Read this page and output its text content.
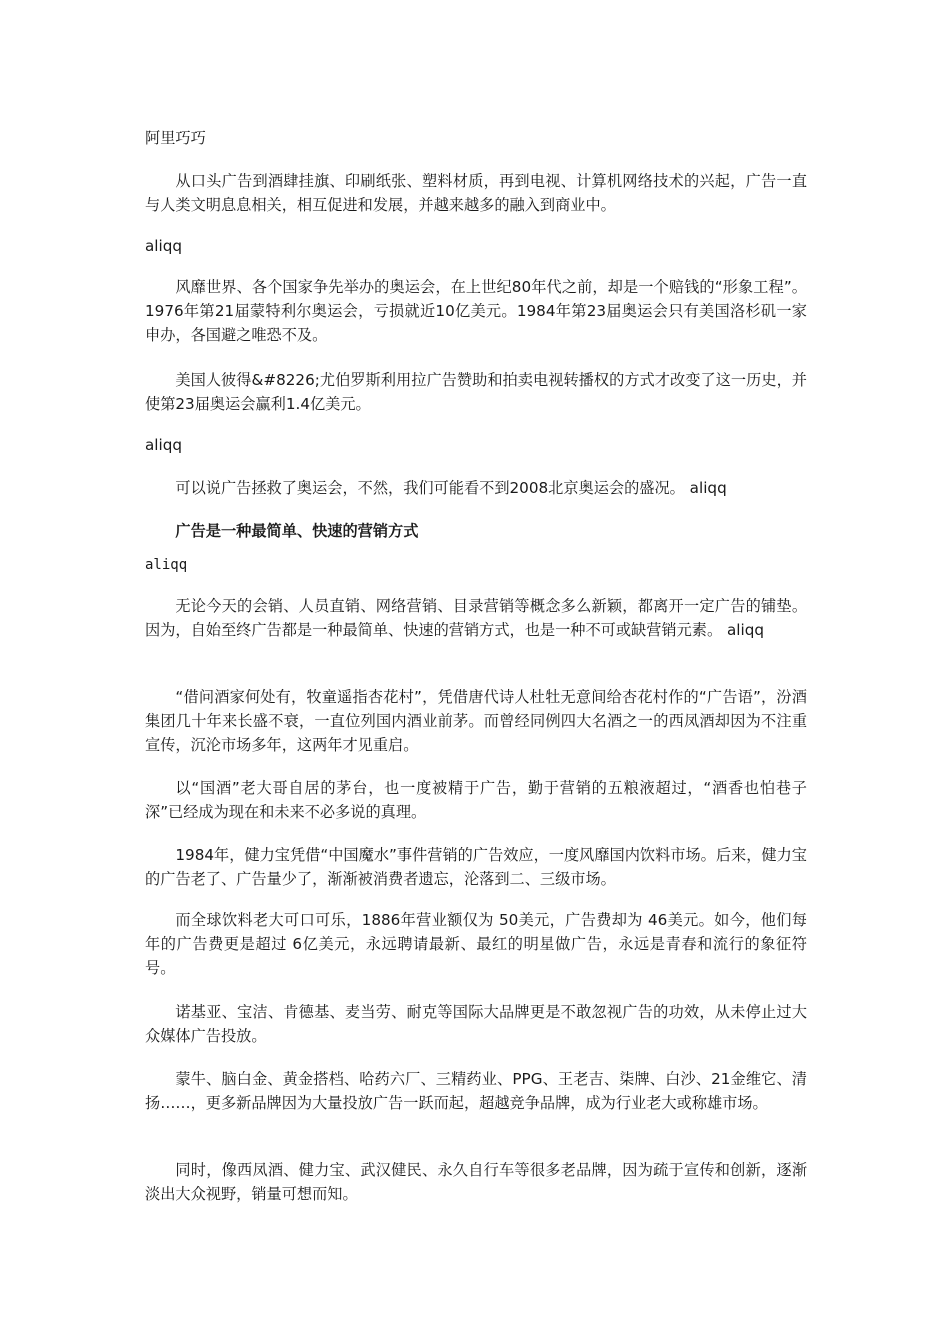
阿里巧巧

从口头广告到酒肆挂旗、印刷纸张、塑料材质，再到电视、计算机网络技术的兴起，广告一直与人类文明息息相关，相互促进和发展，并越来越多的融入到商业中。

aliqq

风靡世界、各个国家争先举办的奥运会，在上世纪80年代之前，却是一个赔钱的“形象工程”。1976年第21届蒙特利尔奥运会，亏损就近10亿美元。1984年第23届奥运会只有美国洛杉矶一家申办，各国避之唯恐不及。

美国人彼得&#8226;尤伯罗斯利用拉广告赞助和拍卖电视转播权的方式才改变了这一历史，并使第23届奥运会赢利1.4亿美元。

aliqq

可以说广告拯救了奥运会，不然，我们可能看不到2008北京奥运会的盛况。 aliqq

广告是一种最简单、快速的营销方式

aliqq

无论今天的会销、人员直销、网络营销、目录营销等概念多么新颖，都离开一定广告的铺垫。因为，自始至终广告都是一种最简单、快速的营销方式，也是一种不可或缺营销元素。 aliqq

“借问酒家何处有，牧童遥指杏花村”，凭借唐代诗人杜牡无意间给杏花村作的“广告语”，汾酒集团几十年来长盛不衰，一直位列国内酒业前茅。而曾经同例四大名酒之一的西凤酒却因为不注重宣传，沉沦市场多年，这两年才见重启。

以“国酒”老大哥自居的茅台，也一度被精于广告，勤于营销的五粮液超过，“酒香也怕巷子深”已经成为现在和未来不必多说的真理。

1984年，健力宝凭借“中国魔水”事件营销的广告效应，一度风靡国内饮料市场。后来，健力宝的广告老了、广告量少了，渐渐被消费者遗忘，沦落到二、三级市场。

而全球饮料老大可口可乐，1886年营业额仅为 50美元，广告费却为 46美元。如今，他们每年的广告费更是超过 6亿美元，永远聘请最新、最红的明星做广告，永远是青春和流行的象征符号。

诺基亚、宝洁、肯德基、麦当劳、耐克等国际大品牌更是不敢忽视广告的功效，从未停止过大众媒体广告投放。

蒙牛、脑白金、黄金搭档、哈药六厂、三精药业、PPG、王老吉、柒牌、白沙、21金维它、清扬……，更多新品牌因为大量投放广告一跃而起，超越竞争品牌，成为行业老大或称雄市场。

同时，像西凤酒、健力宝、武汉健民、永久自行车等很多老品牌，因为疏于宣传和创新，逐渐淡出大众视野，销量可想而知。
